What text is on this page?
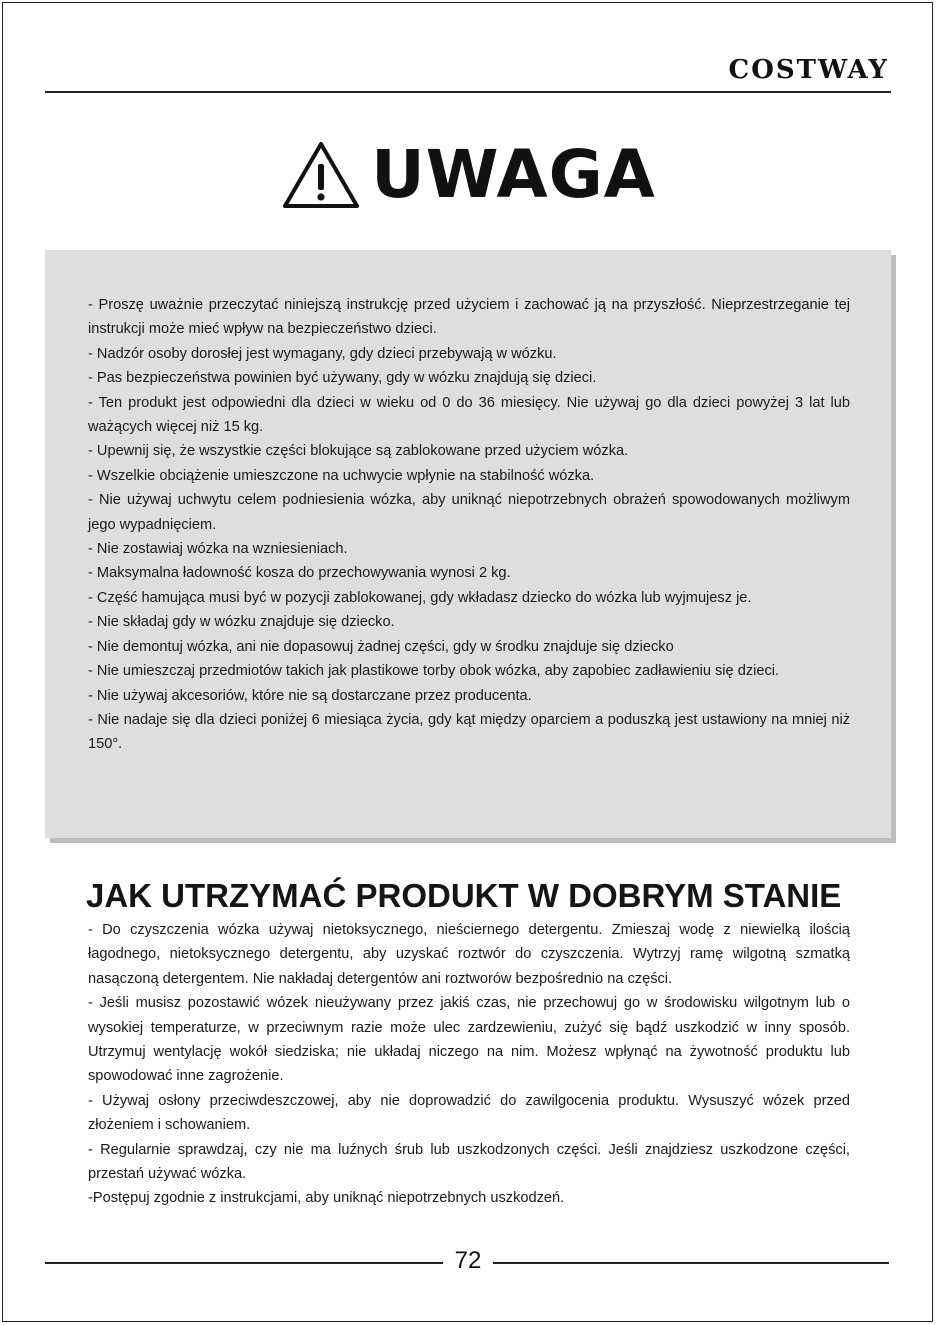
COSTWAY
UWAGA

- Proszę uważnie przeczytać niniejszą instrukcję przed użyciem i zachować ją na przyszłość. Nieprzestrzeganie tej instrukcji może mieć wpływ na bezpieczeństwo dzieci.

- Nadzór osoby dorosłej jest wymagany, gdy dzieci przebywają w wózku.

- Pas bezpieczeństwa powinien być używany, gdy w wózku znajdują się dzieci.

- Ten produkt jest odpowiedni dla dzieci w wieku od 0 do 36 miesięcy. Nie używaj go dla dzieci powyżej 3 lat lub ważących więcej niż 15 kg.

- Upewnij się, że wszystkie części blokujące są zablokowane przed użyciem wózka.

- Wszelkie obciążenie umieszczone na uchwycie wpłynie na stabilność wózka.

- Nie używaj uchwytu celem podniesienia wózka, aby uniknąć niepotrzebnych obrażeń spowodowanych możliwym jego wypadnięciem.

- Nie zostawiaj wózka na wzniesieniach.

- Maksymalna ładowność kosza do przechowywania wynosi 2 kg.

- Część hamująca musi być w pozycji zablokowanej, gdy wkładasz dziecko do wózka lub wyjmujesz je.

- Nie składaj gdy w wózku znajduje się dziecko.

- Nie demontuj wózka, ani nie dopasowuj żadnej części, gdy w środku znajduje się dziecko

- Nie umieszczaj przedmiotów takich jak plastikowe torby obok wózka, aby zapobiec zadławieniu się dzieci.

- Nie używaj akcesoriów, które nie są dostarczane przez producenta.

- Nie nadaje się dla dzieci poniżej 6 miesiąca życia, gdy kąt między oparciem a poduszką jest ustawiony na mniej niż 150°.

JAK UTRZYMAĆ PRODUKT W DOBRYM STANIE

- Do czyszczenia wózka używaj nietoksycznego, nieściernego detergentu. Zmieszaj wodę z niewielką ilością łagodnego, nietoksycznego detergentu, aby uzyskać roztwór do czyszczenia. Wytrzyj ramę wilgotną szmatką nasączoną detergentem. Nie nakładaj detergentów ani roztworów bezpośrednio na części.

- Jeśli musisz pozostawić wózek nieużywany przez jakiś czas, nie przechowuj go w środowisku wilgotnym lub o wysokiej temperaturze, w przeciwnym razie może ulec zardzewieniu, zużyć się bądź uszkodzić w inny sposób. Utrzymuj wentylację wokół siedziska; nie układaj niczego na nim. Możesz wpłynąć na żywotność produktu lub spowodować inne zagrożenie.

- Używaj osłony przeciwdeszczowej, aby nie doprowadzić do zawilgocenia produktu. Wysuszyć wózek przed złożeniem i schowaniem.

- Regularnie sprawdzaj, czy nie ma luźnych śrub lub uszkodzonych części. Jeśli znajdziesz uszkodzone części, przestań używać wózka.

-Postępuj zgodnie z instrukcjami, aby uniknąć niepotrzebnych uszkodzeń.

72
